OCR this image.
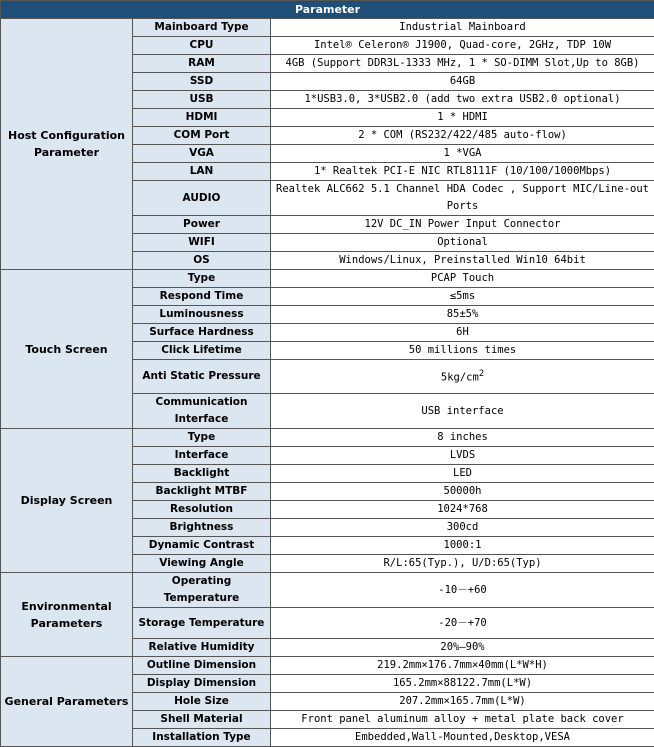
Parameter		
Host Configuration Parameter	Mainboard Type	Industrial Mainboard
	CPU	Intel® Celeron® J1900, Quad-core, 2GHz, TDP 10W
	RAM	4GB (Support DDR3L-1333 MHz, 1 * SO-DIMM Slot,Up to 8GB)
	SSD	64GB
	USB	1*USB3.0, 3*USB2.0 (add two extra USB2.0 optional)
	HDMI	1 * HDMI
	COM Port	2 * COM (RS232/422/485 auto-flow)
	VGA	1 *VGA
	LAN	1* Realtek PCI-E NIC RTL8111F (10/100/1000Mbps)
	AUDIO	Realtek ALC662 5.1 Channel HDA Codec , Support MIC/Line-out Ports
	Power	12V DC_IN Power Input Connector
	WIFI	Optional
	OS	Windows/Linux, Preinstalled Win10 64bit
Touch Screen	Type	PCAP Touch
	Respond Time	≤5ms
	Luminousness	85±5%
	Surface Hardness	6H
	Click Lifetime	50 millions times
	Anti Static Pressure	$5kg/cm^2$
	Communication Interface	USB interface
Display Screen	Type	8 inches
	Interface	LVDS
	Backlight	LED
	Backlight MTBF	50000h
	Resolution	1024*768
	Brightness	300cd
	Dynamic Contrast	1000:1
	Viewing Angle	R/L:65(Typ.), U/D:65(Typ)
Environmental Parameters	Operating Temperature	-10－+60
	Storage Temperature	-20－+70
	Relative Humidity	20%—90%
General Parameters	Outline Dimension	219.2mm×176.7mm×40mm(L*W*H)
	Display Dimension	165.2mm×88122.7mm(L*W)
	Hole Size	207.2mm×165.7mm(L*W)
	Shell Material	Front panel aluminum alloy + metal plate back cover
	Installation Type	Embedded,Wall-Mounted,Desktop,VESA
